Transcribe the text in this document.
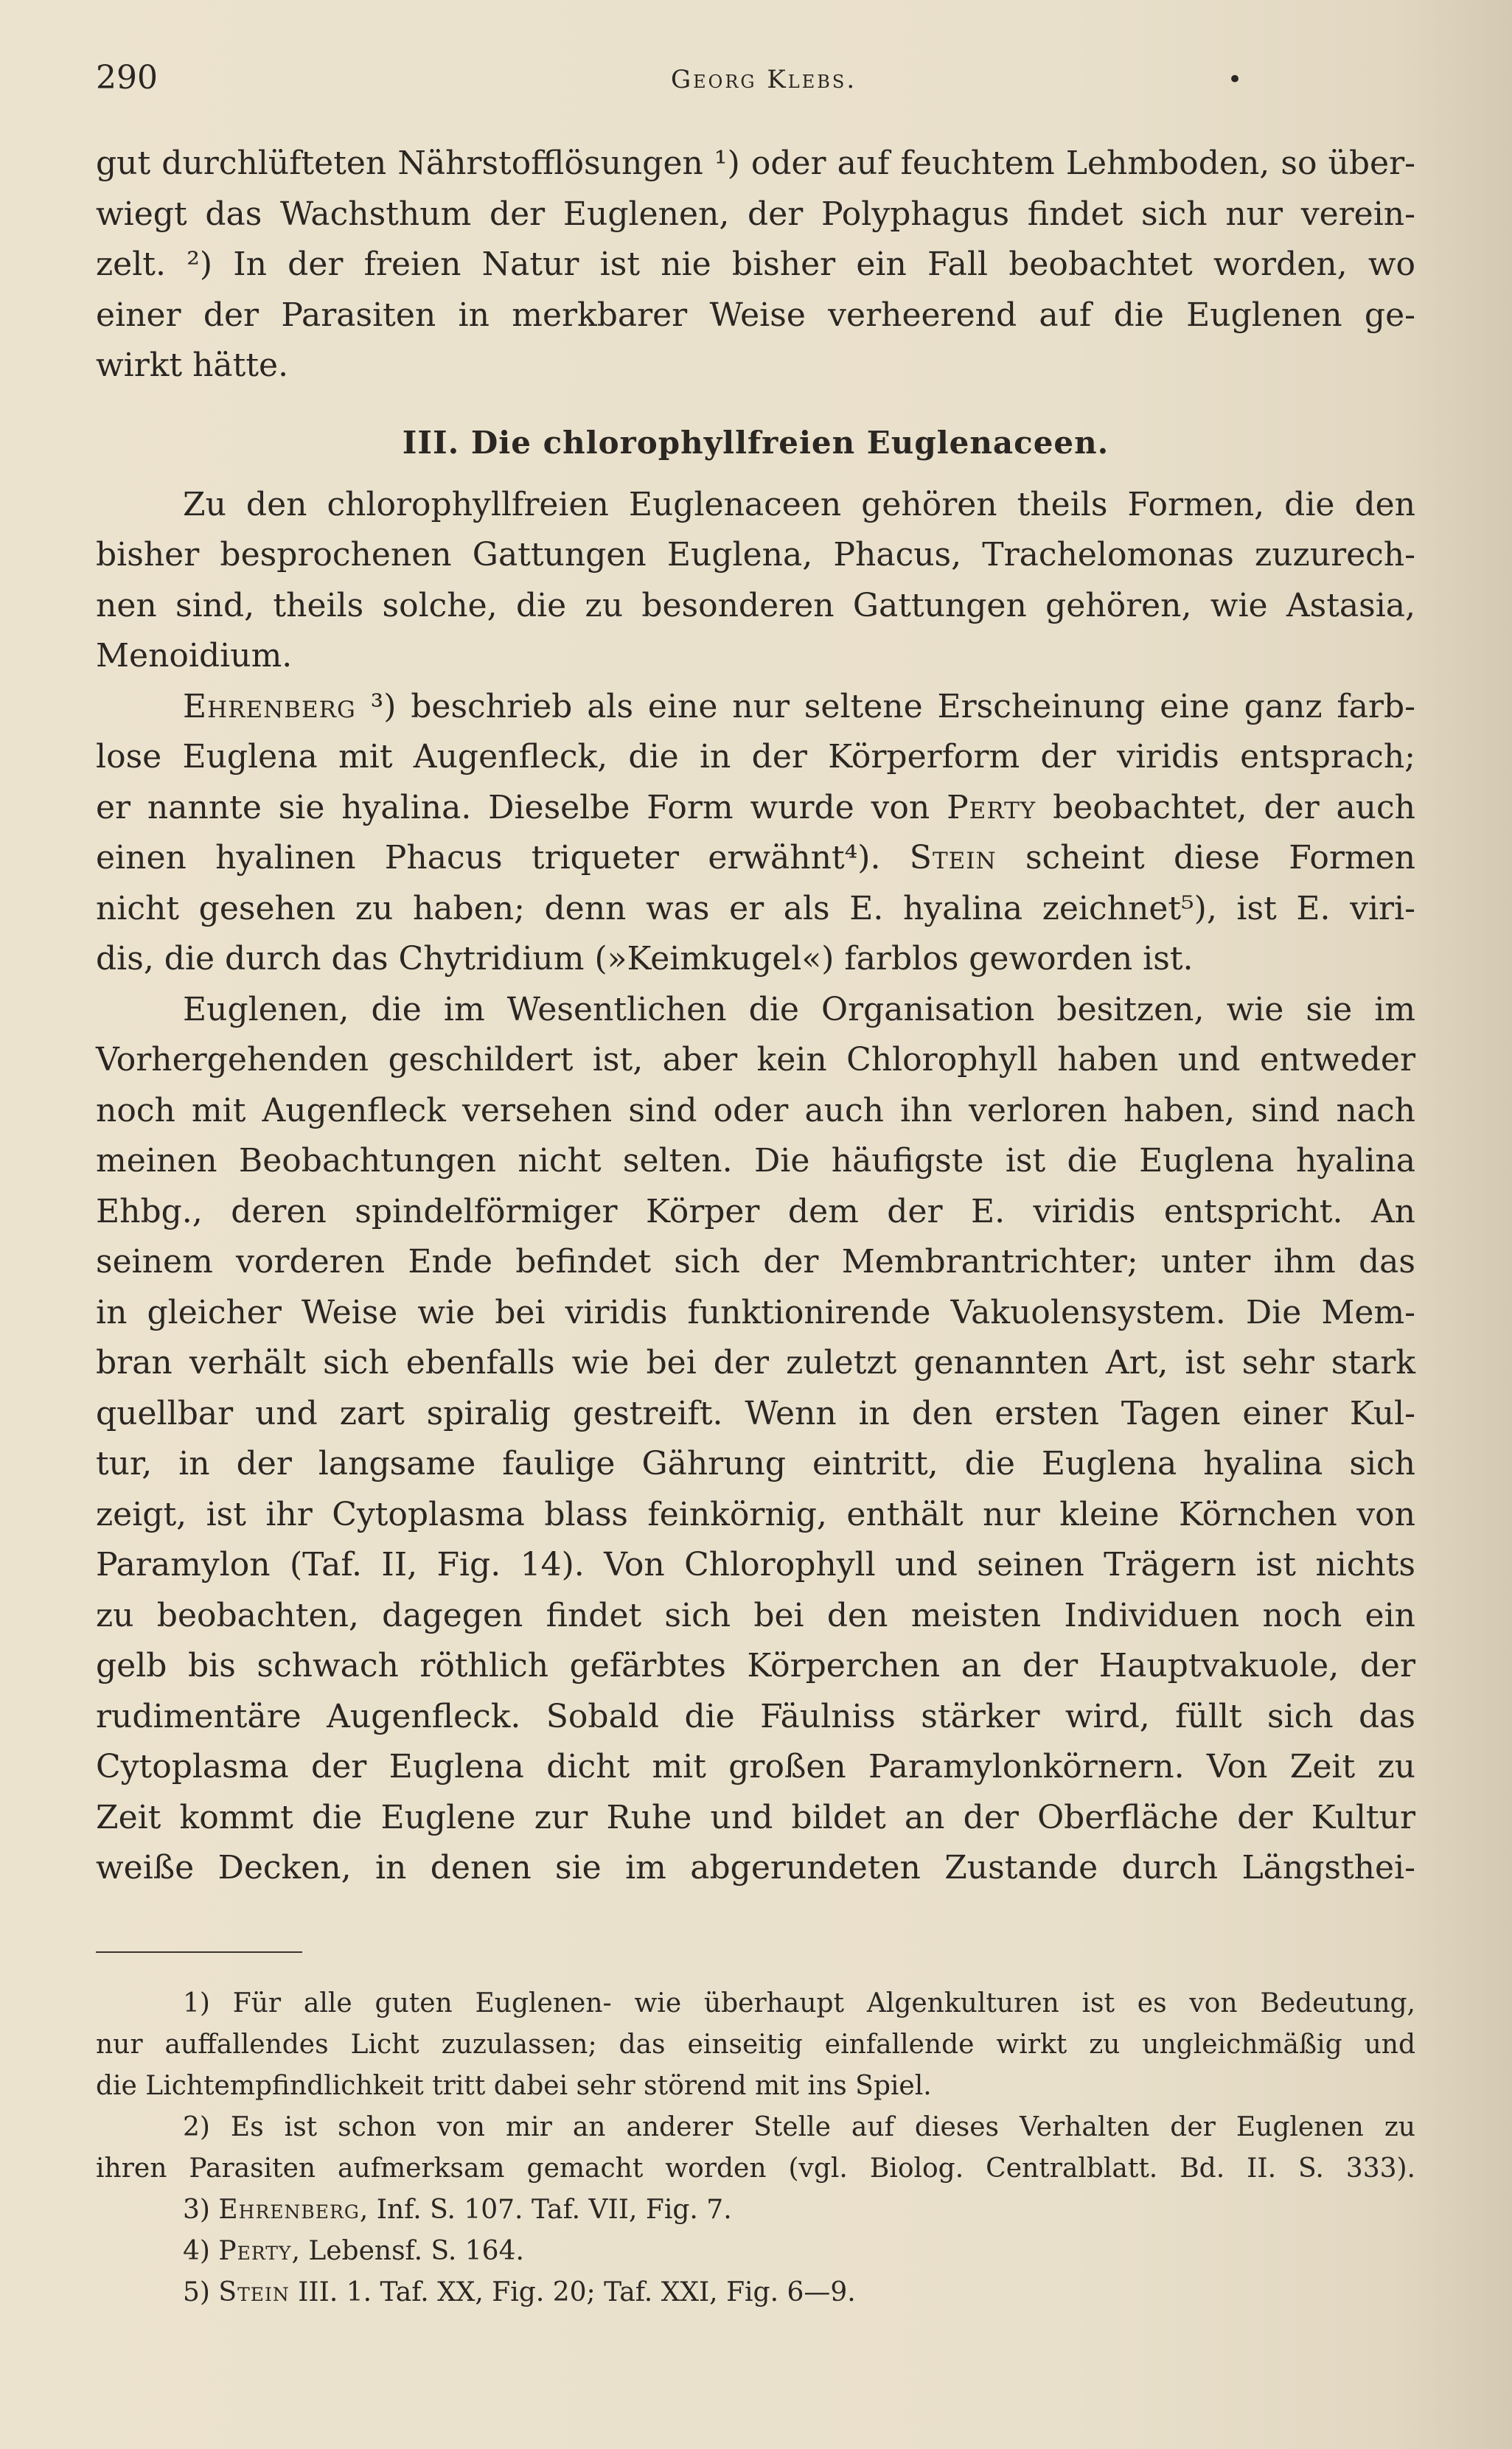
290	Georg Klebs.	•
gut durchlüfteten Nährstofflösungen ¹) oder auf feuchtem Lehmboden, so über-
wiegt das Wachsthum der Euglenen, der Polyphagus findet sich nur verein-
zelt. ²) In der freien Natur ist nie bisher ein Fall beobachtet worden, wo
einer der Parasiten in merkbarer Weise verheerend auf die Euglenen ge-
wirkt hätte.
III. Die chlorophyllfreien Euglenaceen.
Zu den chlorophyllfreien Euglenaceen gehören theils Formen, die den
bisher besprochenen Gattungen Euglena, Phacus, Trachelomonas zuzurech-
nen sind, theils solche, die zu besonderen Gattungen gehören, wie Astasia,
Menoidium.
Ehrenberg ³) beschrieb als eine nur seltene Erscheinung eine ganz farb-
lose Euglena mit Augenfleck, die in der Körperform der viridis entsprach;
er nannte sie hyalina. Dieselbe Form wurde von Perty beobachtet, der auch
einen hyalinen Phacus triqueter erwähnt⁴). Stein scheint diese Formen
nicht gesehen zu haben; denn was er als E. hyalina zeichnet⁵), ist E. viri-
dis, die durch das Chytridium (»Keimkugel«) farblos geworden ist.
Euglenen, die im Wesentlichen die Organisation besitzen, wie sie im
Vorhergehenden geschildert ist, aber kein Chlorophyll haben und entweder
noch mit Augenfleck versehen sind oder auch ihn verloren haben, sind nach
meinen Beobachtungen nicht selten. Die häufigste ist die Euglena hyalina
Ehbg., deren spindelförmiger Körper dem der E. viridis entspricht. An
seinem vorderen Ende befindet sich der Membrantrichter; unter ihm das
in gleicher Weise wie bei viridis funktionirende Vakuolensystem. Die Mem-
bran verhält sich ebenfalls wie bei der zuletzt genannten Art, ist sehr stark
quellbar und zart spiralig gestreift. Wenn in den ersten Tagen einer Kul-
tur, in der langsame faulige Gährung eintritt, die Euglena hyalina sich
zeigt, ist ihr Cytoplasma blass feinkörnig, enthält nur kleine Körnchen von
Paramylon (Taf. II, Fig. 14). Von Chlorophyll und seinen Trägern ist nichts
zu beobachten, dagegen findet sich bei den meisten Individuen noch ein
gelb bis schwach röthlich gefärbtes Körperchen an der Hauptvakuole, der
rudimentäre Augenfleck. Sobald die Fäulniss stärker wird, füllt sich das
Cytoplasma der Euglena dicht mit großen Paramylonkörnern. Von Zeit zu
Zeit kommt die Euglene zur Ruhe und bildet an der Oberfläche der Kultur
weiße Decken, in denen sie im abgerundeten Zustande durch Längsthei-
1) Für alle guten Euglenen- wie überhaupt Algenkulturen ist es von Bedeutung,
nur auffallendes Licht zuzulassen; das einseitig einfallende wirkt zu ungleichmäßig und
die Lichtempfindlichkeit tritt dabei sehr störend mit ins Spiel.
2) Es ist schon von mir an anderer Stelle auf dieses Verhalten der Euglenen zu
ihren Parasiten aufmerksam gemacht worden (vgl. Biolog. Centralblatt. Bd. II. S. 333).
3) Ehrenberg, Inf. S. 107. Taf. VII, Fig. 7.
4) Perty, Lebensf. S. 164.
5) Stein III. 1. Taf. XX, Fig. 20; Taf. XXI, Fig. 6—9.
